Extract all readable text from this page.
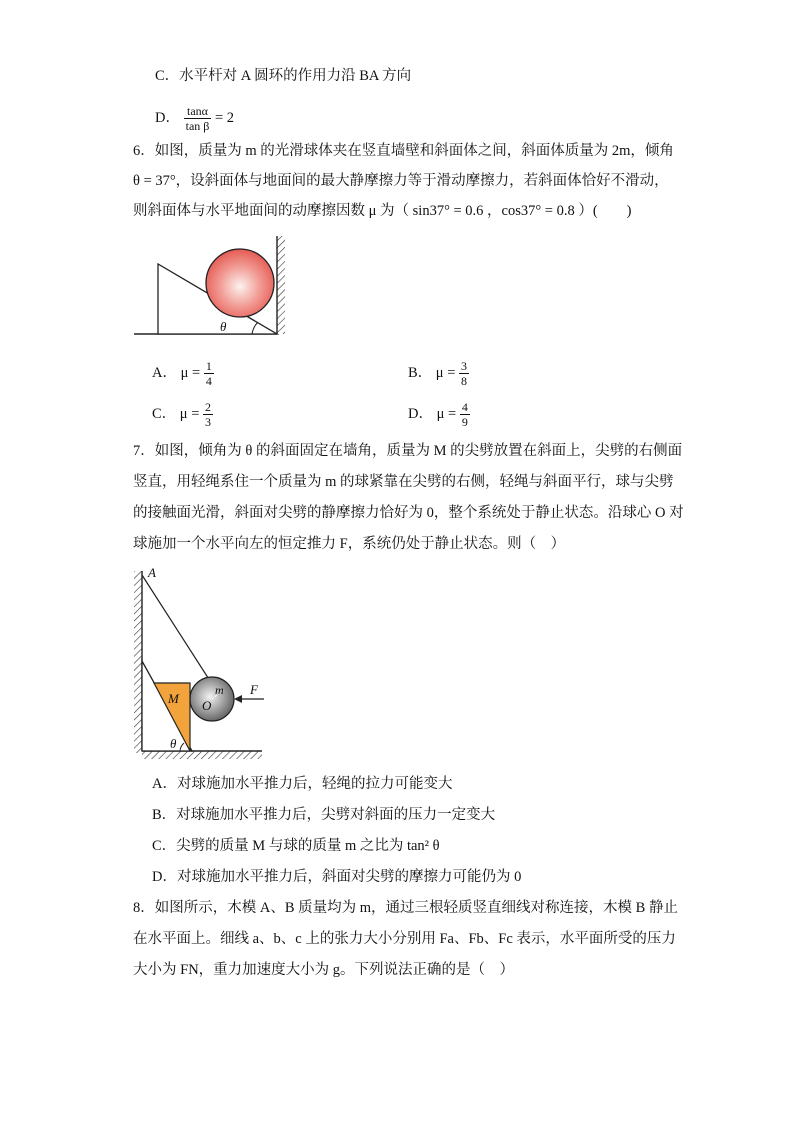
C．水平杆对 A 圆环的作用力沿 BA 方向
D． $\frac{\tan\alpha}{\text{tan β}} = 2$
6．如图，质量为 m 的光滑球体夹在竖直墙壁和斜面体之间，斜面体质量为 2m，倾角
θ = 37°，设斜面体与地面间的最大静摩擦力等于滑动摩擦力，若斜面体恰好不滑动，
则斜面体与水平地面间的动摩擦因数 μ 为（ sin37° = 0.6 ，cos37° = 0.8 ）(　　)
θ
A． $\mu = \frac{1}{4}$	B． $\mu = \frac{3}{8}$
C． $\mu = \frac{2}{3}$	D． $\mu = \frac{4}{9}$
7．如图，倾角为 θ 的斜面固定在墙角，质量为 M 的尖劈放置在斜面上，尖劈的右侧面
竖直，用轻绳系住一个质量为 m 的球紧靠在尖劈的右侧，轻绳与斜面平行，球与尖劈
的接触面光滑，斜面对尖劈的静摩擦力恰好为 0，整个系统处于静止状态。沿球心 O 对
球施加一个水平向左的恒定推力 F，系统仍处于静止状态。则（　）
A
M
m
O
F
θ
A．对球施加水平推力后，轻绳的拉力可能变大
B．对球施加水平推力后，尖劈对斜面的压力一定变大
C．尖劈的质量 M 与球的质量 m 之比为 tan² θ
D．对球施加水平推力后，斜面对尖劈的摩擦力可能仍为 0
8．如图所示，木模 A、B 质量均为 m，通过三根轻质竖直细线对称连接，木模 B 静止
在水平面上。细线 a、b、c 上的张力大小分别用 Fa、Fb、Fc 表示，水平面所受的压力
大小为 FN，重力加速度大小为 g。下列说法正确的是（　）
